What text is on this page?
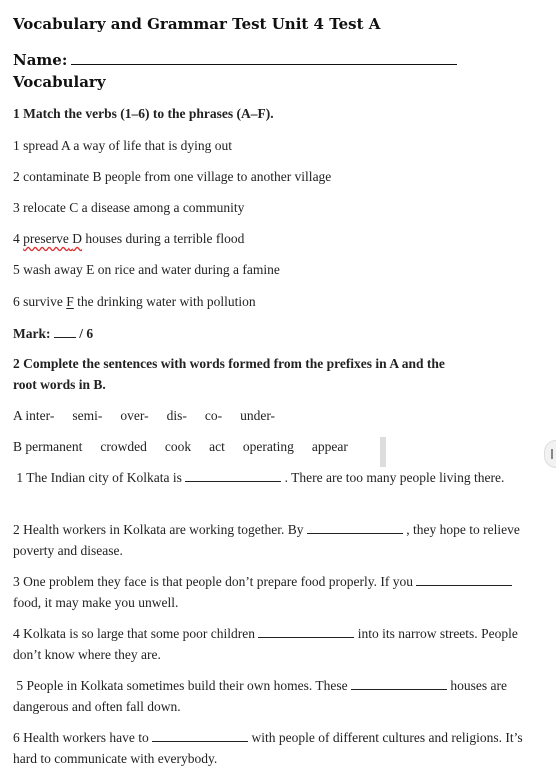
Vocabulary and Grammar Test Unit 4 Test A
Name:
Vocabulary
1 Match the verbs (1–6) to the phrases (A–F).
1 spread A a way of life that is dying out
2 contaminate B people from one village to another village
3 relocate C a disease among a community
4 preserve D houses during a terrible flood
5 wash away E on rice and water during a famine
6 survive F the drinking water with pollution
Mark: / 6
2 Complete the sentences with words formed from the prefixes in A and the
root words in B.
A inter- semi- over- dis- co- under-
B permanent crowded cook act operating appear
1 The Indian city of Kolkata is	. There are too many people living there.
2 Health workers in Kolkata are working together. By	, they hope to relieve poverty and disease.
3 One problem they face is that people don’t prepare food properly. If you  food, it may make you unwell.
4 Kolkata is so large that some poor children	into its narrow streets. People don’t know where they are.
5 People in Kolkata sometimes build their own homes. These	houses are dangerous and often fall down.
6 Health workers have to	with people of different cultures and religions. It’s hard to communicate with everybody.
